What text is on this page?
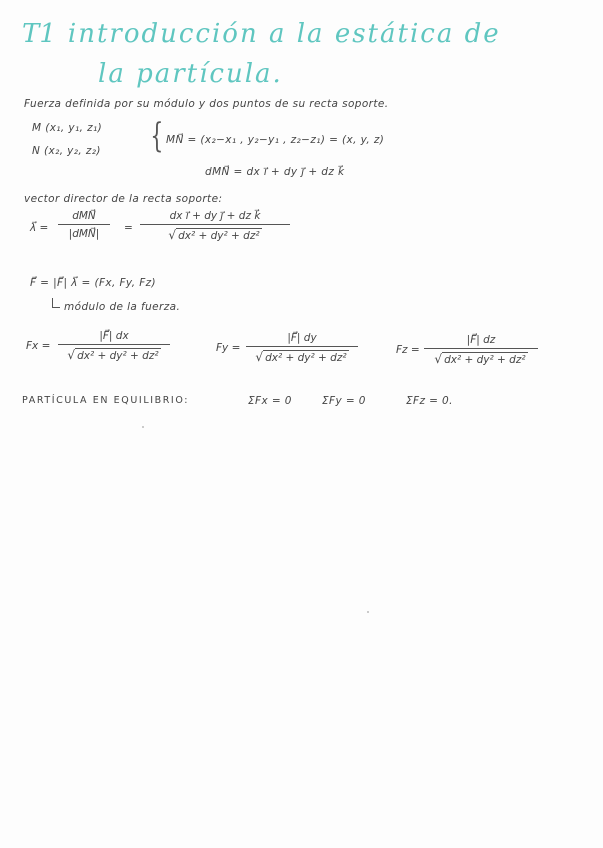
T1 introducción a la estática de
la partícula.
Fuerza definida por su módulo y dos puntos de su recta soporte.
M (x₁, y₁, z₁)
N (x₂, y₂, z₂) { MN⃗ = (x₂−x₁ , y₂−y₁ , z₂−z₁) = (x, y, z)
dMN⃗ = dx i⃗ + dy j⃗ + dz k⃗
vector director de la recta soporte:
λ⃗ =
dMN⃗
|dMN⃗|	=
dx i⃗ + dy j⃗ + dz k⃗
√ dx² + dy² + dz²
F⃗ = |F⃗| λ⃗ = (Fx, Fy, Fz)
módulo de la fuerza.
Fx =
|F⃗| dx
√ dx² + dy² + dz²
Fy =
|F⃗| dy
√ dx² + dy² + dz²
Fz =
|F⃗| dz
√ dx² + dy² + dz²
PARTÍCULA EN EQUILIBRIO:	ΣFx = 0	ΣFy = 0	ΣFz = 0.
